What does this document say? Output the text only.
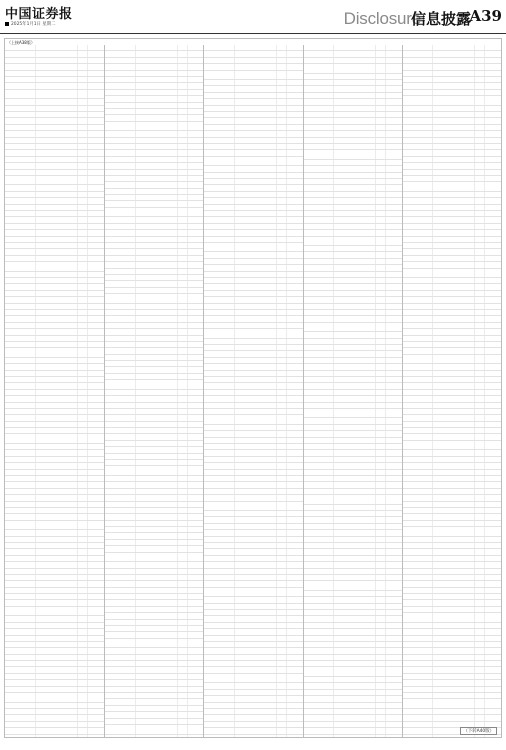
中国证券报
2025年1月1日 星期二	Disclosure
信息披露
A39
（上接A38版）
（下转A40版）
